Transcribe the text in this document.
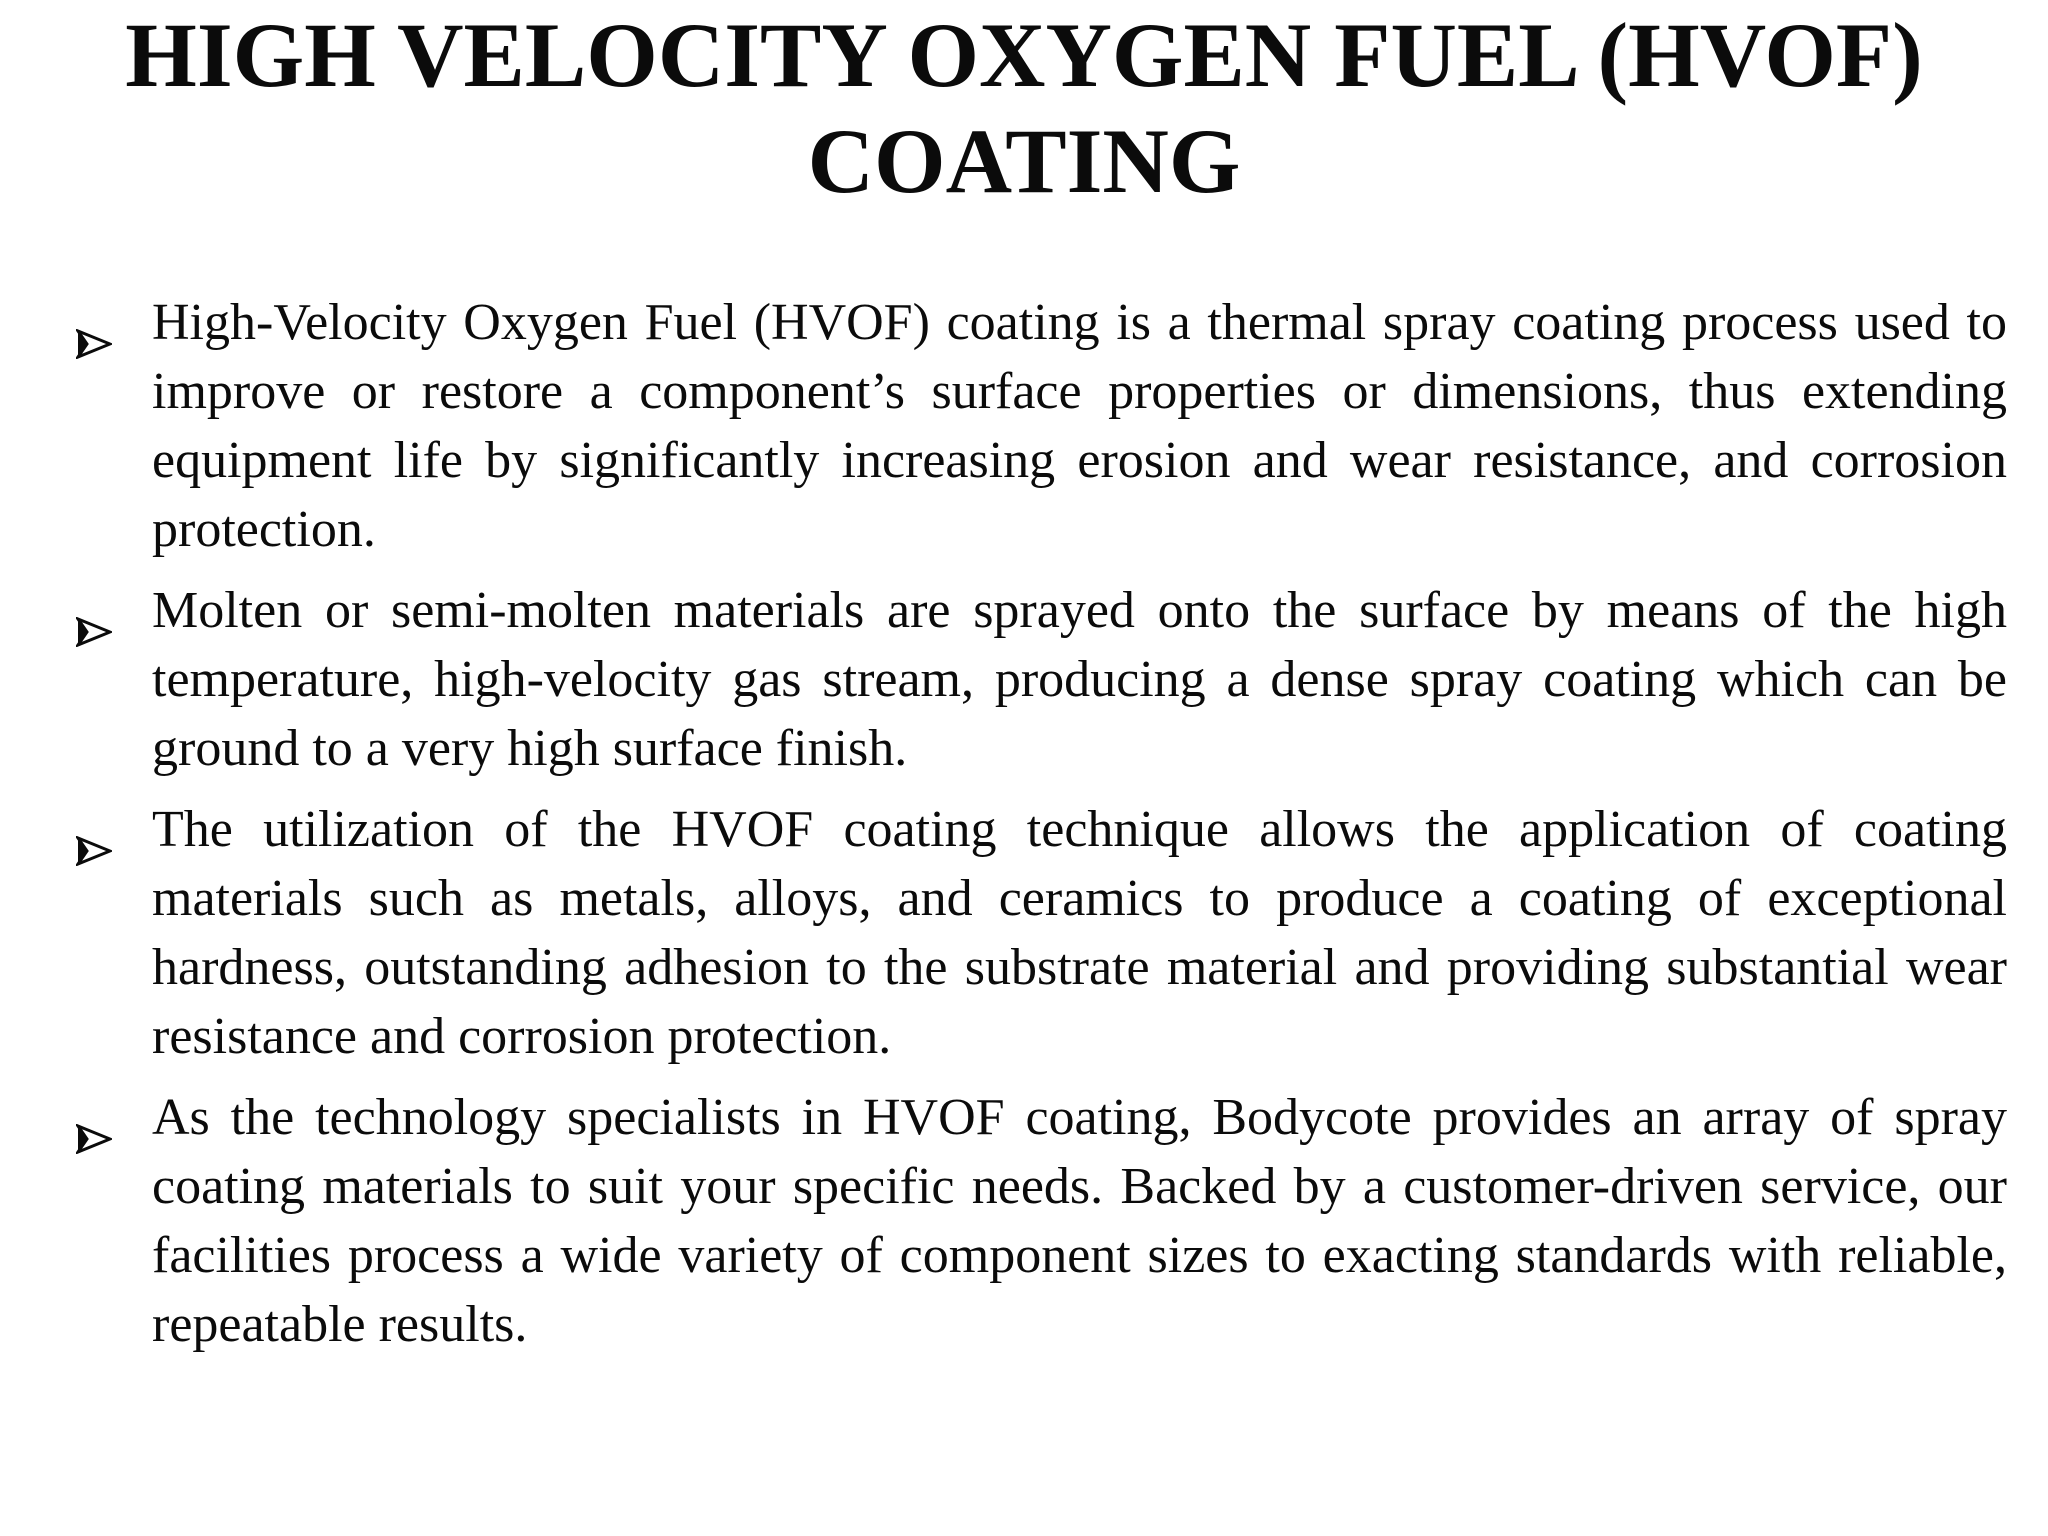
HIGH VELOCITY OXYGEN FUEL (HVOF) COATING
High-Velocity Oxygen Fuel (HVOF) coating is a thermal spray coating process used to improve or restore a component’s surface properties or dimensions, thus extending equipment life by significantly increasing erosion and wear resistance, and corrosion protection.
Molten or semi-molten materials are sprayed onto the surface by means of the high temperature, high-velocity gas stream, producing a dense spray coating which can be ground to a very high surface finish.
The utilization of the HVOF coating technique allows the application of coating materials such as metals, alloys, and ceramics to produce a coating of exceptional hardness, outstanding adhesion to the substrate material and providing substantial wear resistance and corrosion protection.
As the technology specialists in HVOF coating, Bodycote provides an array of spray coating materials to suit your specific needs. Backed by a customer-driven service, our facilities process a wide variety of component sizes to exacting standards with reliable, repeatable results.
